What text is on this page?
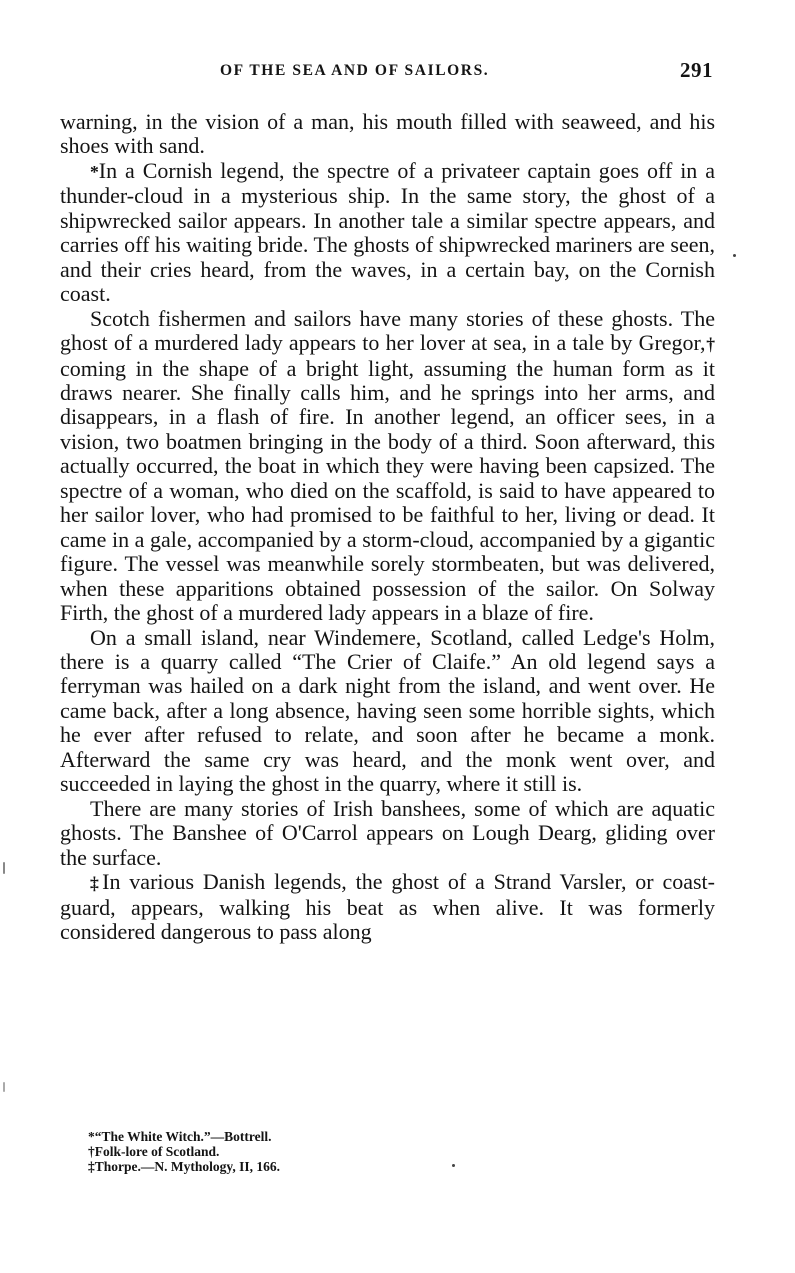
OF THE SEA AND OF SAILORS.	291

warning, in the vision of a man, his mouth filled with seaweed, and his shoes with sand.

*In a Cornish legend, the spectre of a privateer captain goes off in a thunder-cloud in a mysterious ship. In the same story, the ghost of a shipwrecked sailor appears. In another tale a similar spectre appears, and carries off his waiting bride. The ghosts of shipwrecked mariners are seen, and their cries heard, from the waves, in a certain bay, on the Cornish coast.

Scotch fishermen and sailors have many stories of these ghosts. The ghost of a murdered lady appears to her lover at sea, in a tale by Gregor,† coming in the shape of a bright light, assuming the human form as it draws nearer. She finally calls him, and he springs into her arms, and disappears, in a flash of fire. In another legend, an officer sees, in a vision, two boatmen bringing in the body of a third. Soon afterward, this actually occurred, the boat in which they were having been capsized. The spectre of a woman, who died on the scaffold, is said to have appeared to her sailor lover, who had promised to be faithful to her, living or dead. It came in a gale, accompanied by a storm-cloud, accompanied by a gigantic figure. The vessel was meanwhile sorely stormbeaten, but was delivered, when these apparitions obtained possession of the sailor. On Solway Firth, the ghost of a murdered lady appears in a blaze of fire.

On a small island, near Windemere, Scotland, called Ledge's Holm, there is a quarry called “The Crier of Claife.” An old legend says a ferryman was hailed on a dark night from the island, and went over. He came back, after a long absence, having seen some horrible sights, which he ever after refused to relate, and soon after he became a monk. Afterward the same cry was heard, and the monk went over, and succeeded in laying the ghost in the quarry, where it still is.

There are many stories of Irish banshees, some of which are aquatic ghosts. The Banshee of O'Carrol appears on Lough Dearg, gliding over the surface.

‡In various Danish legends, the ghost of a Strand Varsler, or coast-guard, appears, walking his beat as when alive. It was formerly considered dangerous to pass along

*“The White Witch.”—Bottrell.
†Folk-lore of Scotland.
‡Thorpe.—N. Mythology, II, 166.
